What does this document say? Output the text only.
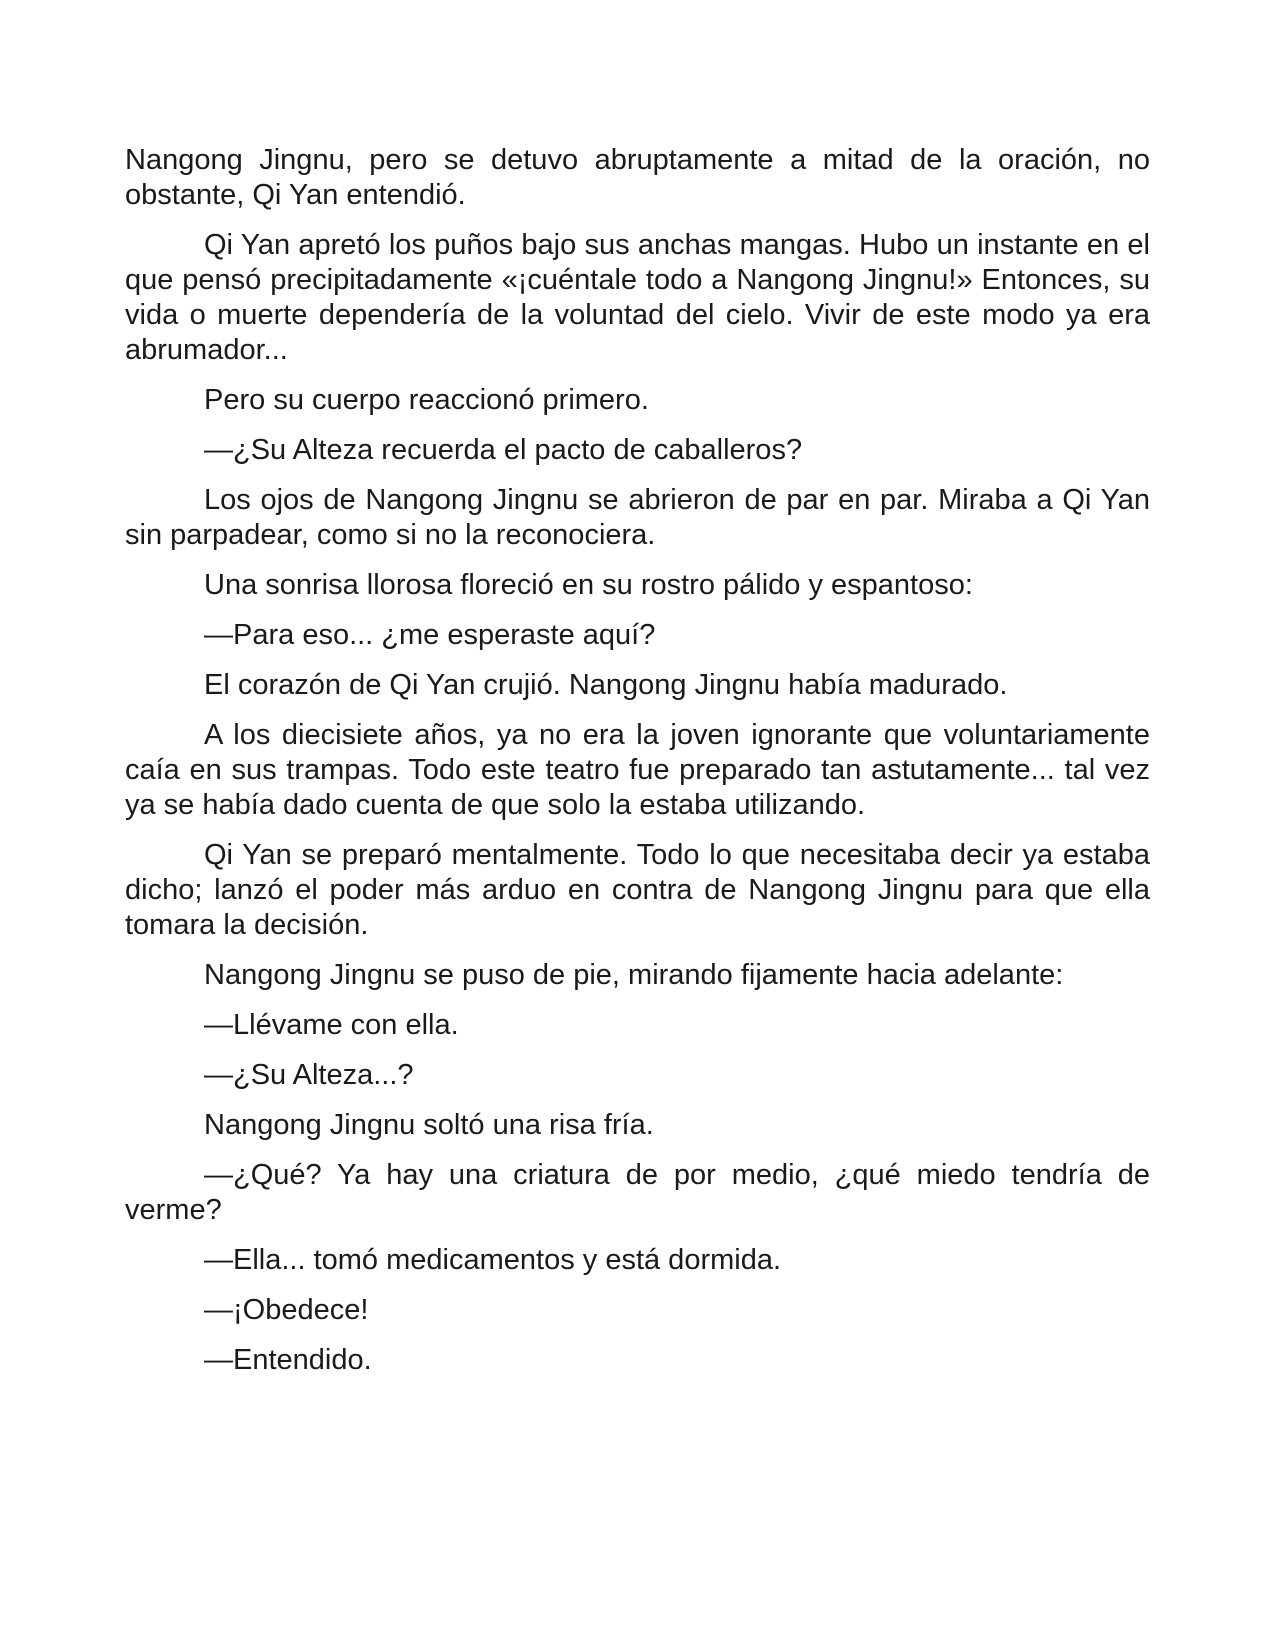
Nangong Jingnu, pero se detuvo abruptamente a mitad de la oración, no obstante, Qi Yan entendió.

Qi Yan apretó los puños bajo sus anchas mangas. Hubo un instante en el que pensó precipitadamente «¡cuéntale todo a Nangong Jingnu!» Entonces, su vida o muerte dependería de la voluntad del cielo. Vivir de este modo ya era abrumador...

Pero su cuerpo reaccionó primero.

—¿Su Alteza recuerda el pacto de caballeros?

Los ojos de Nangong Jingnu se abrieron de par en par. Miraba a Qi Yan sin parpadear, como si no la reconociera.

Una sonrisa llorosa floreció en su rostro pálido y espantoso:

—Para eso... ¿me esperaste aquí?

El corazón de Qi Yan crujió. Nangong Jingnu había madurado.

A los diecisiete años, ya no era la joven ignorante que voluntariamente caía en sus trampas. Todo este teatro fue preparado tan astutamente... tal vez ya se había dado cuenta de que solo la estaba utilizando.

Qi Yan se preparó mentalmente. Todo lo que necesitaba decir ya estaba dicho; lanzó el poder más arduo en contra de Nangong Jingnu para que ella tomara la decisión.

Nangong Jingnu se puso de pie, mirando fijamente hacia adelante:

—Llévame con ella.

—¿Su Alteza...?

Nangong Jingnu soltó una risa fría.

—¿Qué? Ya hay una criatura de por medio, ¿qué miedo tendría de verme?

—Ella... tomó medicamentos y está dormida.

—¡Obedece!

—Entendido.
